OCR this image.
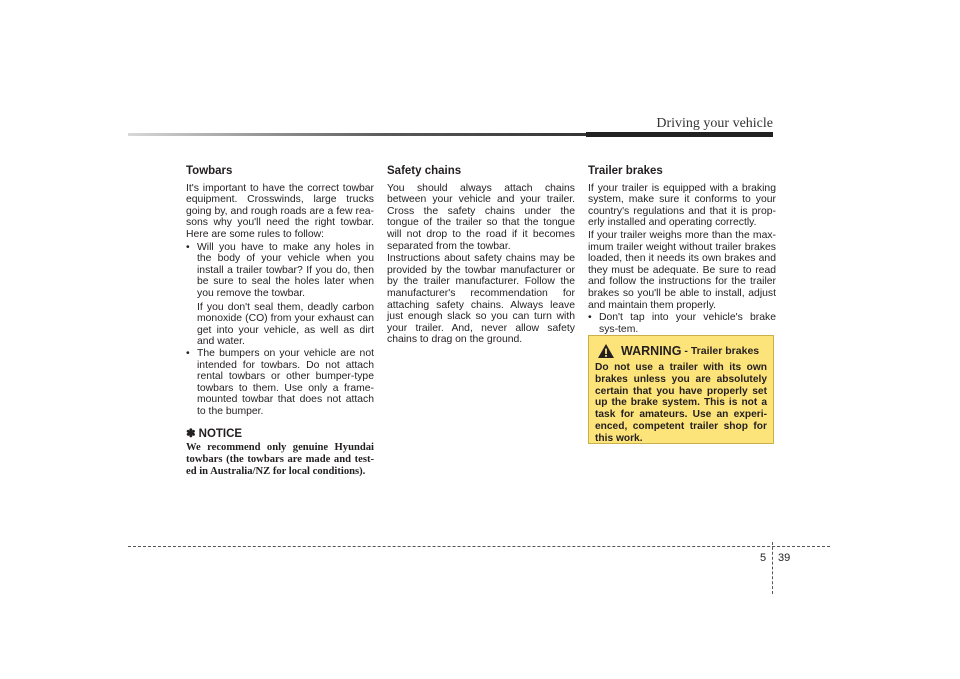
Driving your vehicle
Towbars

It's important to have the correct towbar equipment. Crosswinds, large trucks going by, and rough roads are a few rea-sons why you'll need the right towbar. Here are some rules to follow:

• Will you have to make any holes in the body of your vehicle when you install a trailer towbar? If you do, then be sure to seal the holes later when you remove the towbar.

If you don't seal them, deadly carbon monoxide (CO) from your exhaust can get into your vehicle, as well as dirt and water.

• The bumpers on your vehicle are not intended for towbars. Do not attach rental towbars or other bumper-type towbars to them. Use only a frame-mounted towbar that does not attach to the bumper.
✽ NOTICE
We recommend only genuine Hyundai towbars (the towbars are made and test-ed in Australia/NZ for local conditions).
Safety chains

You should always attach chains between your vehicle and your trailer. Cross the safety chains under the tongue of the trailer so that the tongue will not drop to the road if it becomes separated from the towbar.

Instructions about safety chains may be provided by the towbar manufacturer or by the trailer manufacturer. Follow the manufacturer's recommendation for attaching safety chains. Always leave just enough slack so you can turn with your trailer. And, never allow safety chains to drag on the ground.

Trailer brakes

If your trailer is equipped with a braking system, make sure it conforms to your country's regulations and that it is prop-erly installed and operating correctly.

If your trailer weighs more than the max-imum trailer weight without trailer brakes loaded, then it needs its own brakes and they must be adequate. Be sure to read and follow the instructions for the trailer brakes so you'll be able to install, adjust and maintain them properly.

• Don't tap into your vehicle's brake sys-tem.
WARNING - Trailer brakes
Do not use a trailer with its own brakes unless you are absolutely certain that you have properly set up the brake system. This is not a task for amateurs. Use an experi-enced, competent trailer shop for this work.
5 39
